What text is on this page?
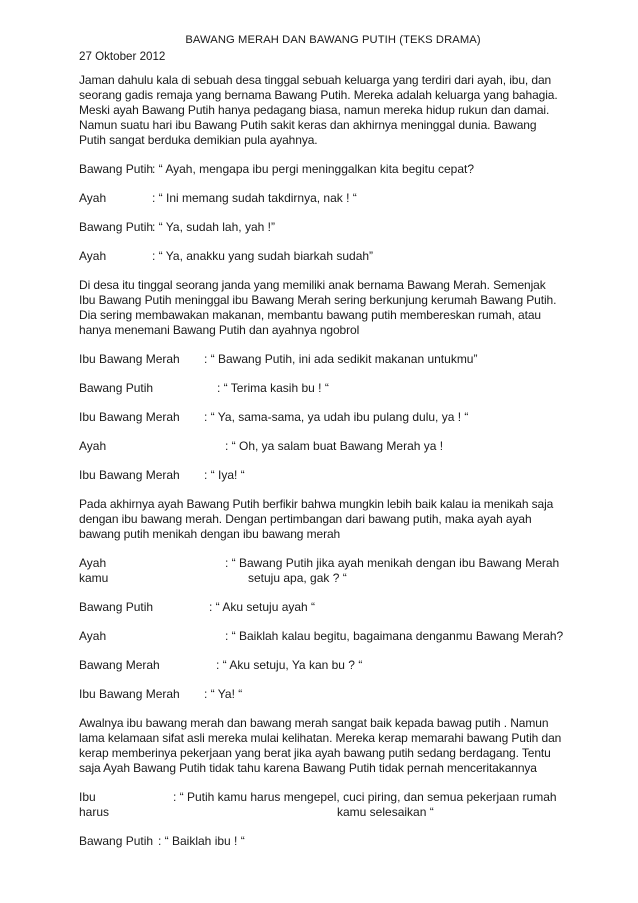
BAWANG MERAH DAN BAWANG PUTIH (TEKS DRAMA)
27 Oktober 2012

Jaman dahulu kala di sebuah desa tinggal sebuah keluarga yang terdiri dari ayah, ibu, dan

seorang gadis remaja yang bernama Bawang Putih. Mereka adalah keluarga yang bahagia.

Meski ayah Bawang Putih hanya pedagang biasa, namun mereka hidup rukun dan damai.

Namun suatu hari ibu Bawang Putih sakit keras dan akhirnya meninggal dunia. Bawang

Putih sangat berduka demikian pula ayahnya.

Bawang Putih
: “ Ayah, mengapa ibu pergi meninggalkan kita begitu cepat?
Ayah	: “ Ini memang sudah takdirnya, nak ! “
Bawang Putih
: “ Ya, sudah lah, yah !”
Ayah	: “ Ya, anakku yang sudah biarkah sudah”

Di desa itu tinggal seorang janda yang memiliki anak bernama Bawang Merah. Semenjak

Ibu Bawang Putih meninggal ibu Bawang Merah sering berkunjung kerumah Bawang Putih.

Dia sering membawakan makanan, membantu bawang putih membereskan rumah, atau

hanya menemani Bawang Putih dan ayahnya ngobrol

Ibu Bawang Merah : “ Bawang Putih, ini ada sedikit makanan untukmu”
Bawang Putih	: “ Terima kasih bu ! “
Ibu Bawang Merah : “ Ya, sama-sama, ya udah ibu pulang dulu, ya ! “
Ayah	: “ Oh, ya salam buat Bawang Merah ya !
Ibu Bawang Merah : “ Iya! “

Pada akhirnya ayah Bawang Putih berfikir bahwa mungkin lebih baik kalau ia menikah saja

dengan ibu bawang merah. Dengan pertimbangan dari bawang putih, maka ayah ayah

bawang putih menikah dengan ibu bawang merah

Ayah	: “ Bawang Putih jika ayah menikah dengan ibu Bawang Merah
kamu	setuju apa, gak ? “
Bawang Putih	: “ Aku setuju ayah “
Ayah	: “ Baiklah kalau begitu, bagaimana denganmu Bawang Merah?
Bawang Merah	: “ Aku setuju, Ya kan bu ? “
Ibu Bawang Merah : “ Ya! “

Awalnya ibu bawang merah dan bawang merah sangat baik kepada bawag putih . Namun

lama kelamaan sifat asli mereka mulai kelihatan. Mereka kerap memarahi bawang Putih dan

kerap memberinya pekerjaan yang berat jika ayah bawang putih sedang berdagang. Tentu

saja Ayah Bawang Putih tidak tahu karena Bawang Putih tidak pernah menceritakannya

Ibu	: “ Putih kamu harus mengepel, cuci piring, dan semua pekerjaan rumah
harus	kamu selesaikan “
Bawang Putih : “ Baiklah ibu ! “
